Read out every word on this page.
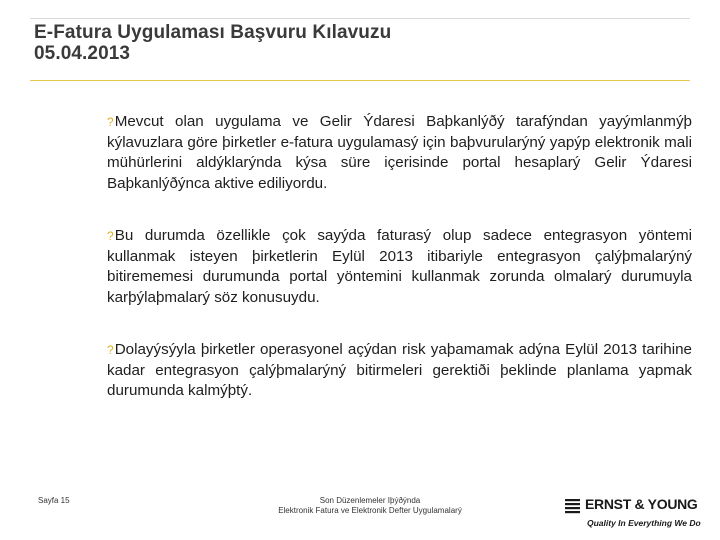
E-Fatura Uygulaması Başvuru Kılavuzu
05.04.2013

?Mevcut olan uygulama ve Gelir Ýdaresi Baþkanlýðý tarafýndan yayýmlanmýþ kýlavuzlara göre þirketler e-fatura uygulamasý için baþvurularýný yapýp elektronik mali mühürlerini aldýklarýnda kýsa süre içerisinde portal hesaplarý Gelir Ýdaresi Baþkanlýðýnca aktive ediliyordu.

?Bu durumda özellikle çok sayýda faturasý olup sadece entegrasyon yöntemi kullanmak isteyen þirketlerin Eylül 2013 itibariyle entegrasyon çalýþmalarýný bitirememesi durumunda portal yöntemini kullanmak zorunda olmalarý durumuyla karþýlaþmalarý söz konusuydu.

?Dolayýsýyla þirketler operasyonel açýdan risk yaþamamak adýna Eylül 2013 tarihine kadar entegrasyon çalýþmalarýný bitirmeleri gerektiði þeklinde planlama yapmak durumunda kalmýþtý.

Sayfa 15	Son Düzenlemeler Iþýðýnda
Elektronik Fatura ve Elektronik Defter Uygulamalarý	ERNST & YOUNG
Quality In Everything We Do
